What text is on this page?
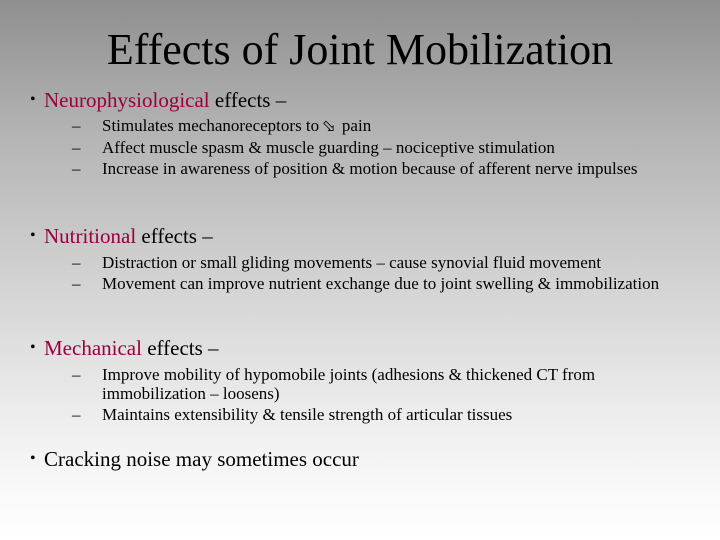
Effects of Joint Mobilization
• Neurophysiological effects –
– Stimulates mechanoreceptors to ⇩ pain
– Affect muscle spasm & muscle guarding – nociceptive stimulation
– Increase in awareness of position & motion because of afferent nerve impulses
• Nutritional effects –
– Distraction or small gliding movements – cause synovial fluid movement
– Movement can improve nutrient exchange due to joint swelling & immobilization
• Mechanical effects –
– Improve mobility of hypomobile joints (adhesions & thickened CT from immobilization – loosens)
– Maintains extensibility & tensile strength of articular tissues
• Cracking noise may sometimes occur
